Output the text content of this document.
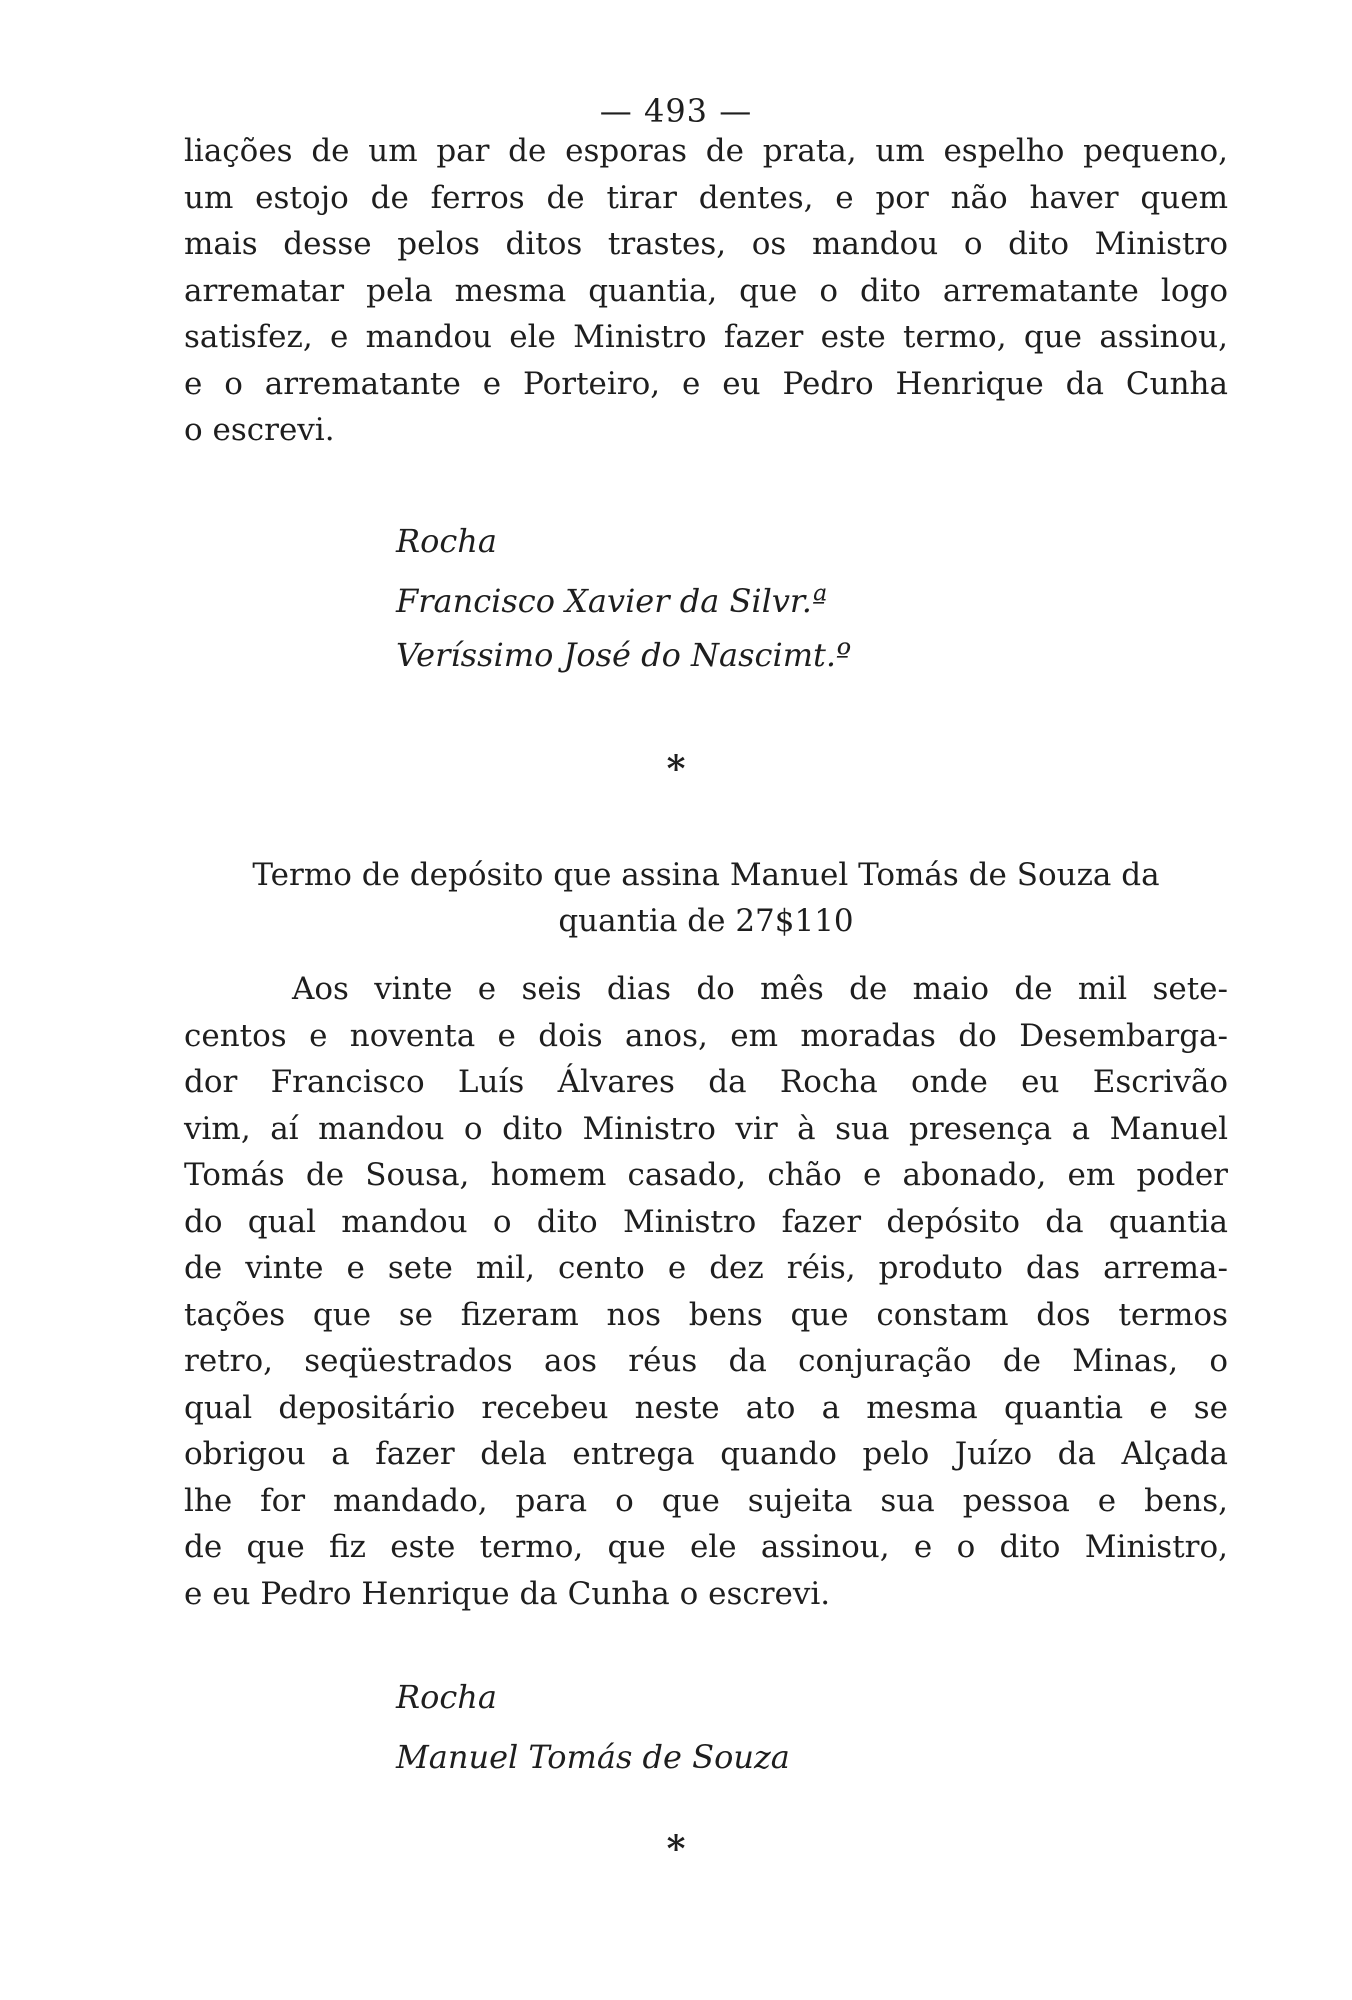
— 493 —

liações de um par de esporas de prata, um espelho pequeno,
um estojo de ferros de tirar dentes, e por não haver quem
mais desse pelos ditos trastes, os mandou o dito Ministro
arrematar pela mesma quantia, que o dito arrematante logo
satisfez, e mandou ele Ministro fazer este termo, que assinou,
e o arrematante e Porteiro, e eu Pedro Henrique da Cunha
o escrevi.

Rocha
Francisco Xavier da Silvr.ª
Veríssimo José do Nascimt.º
*
Termo de depósito que assina Manuel Tomás de Souza da
quantia de 27$110

Aos vinte e seis dias do mês de maio de mil sete-
centos e noventa e dois anos, em moradas do Desembarga-
dor Francisco Luís Álvares da Rocha onde eu Escrivão
vim, aí mandou o dito Ministro vir à sua presença a Manuel
Tomás de Sousa, homem casado, chão e abonado, em poder
do qual mandou o dito Ministro fazer depósito da quantia
de vinte e sete mil, cento e dez réis, produto das arrema-
tações que se fizeram nos bens que constam dos termos
retro, seqüestrados aos réus da conjuração de Minas, o
qual depositário recebeu neste ato a mesma quantia e se
obrigou a fazer dela entrega quando pelo Juízo da Alçada
lhe for mandado, para o que sujeita sua pessoa e bens,
de que fiz este termo, que ele assinou, e o dito Ministro,
e eu Pedro Henrique da Cunha o escrevi.

Rocha
Manuel Tomás de Souza
*
